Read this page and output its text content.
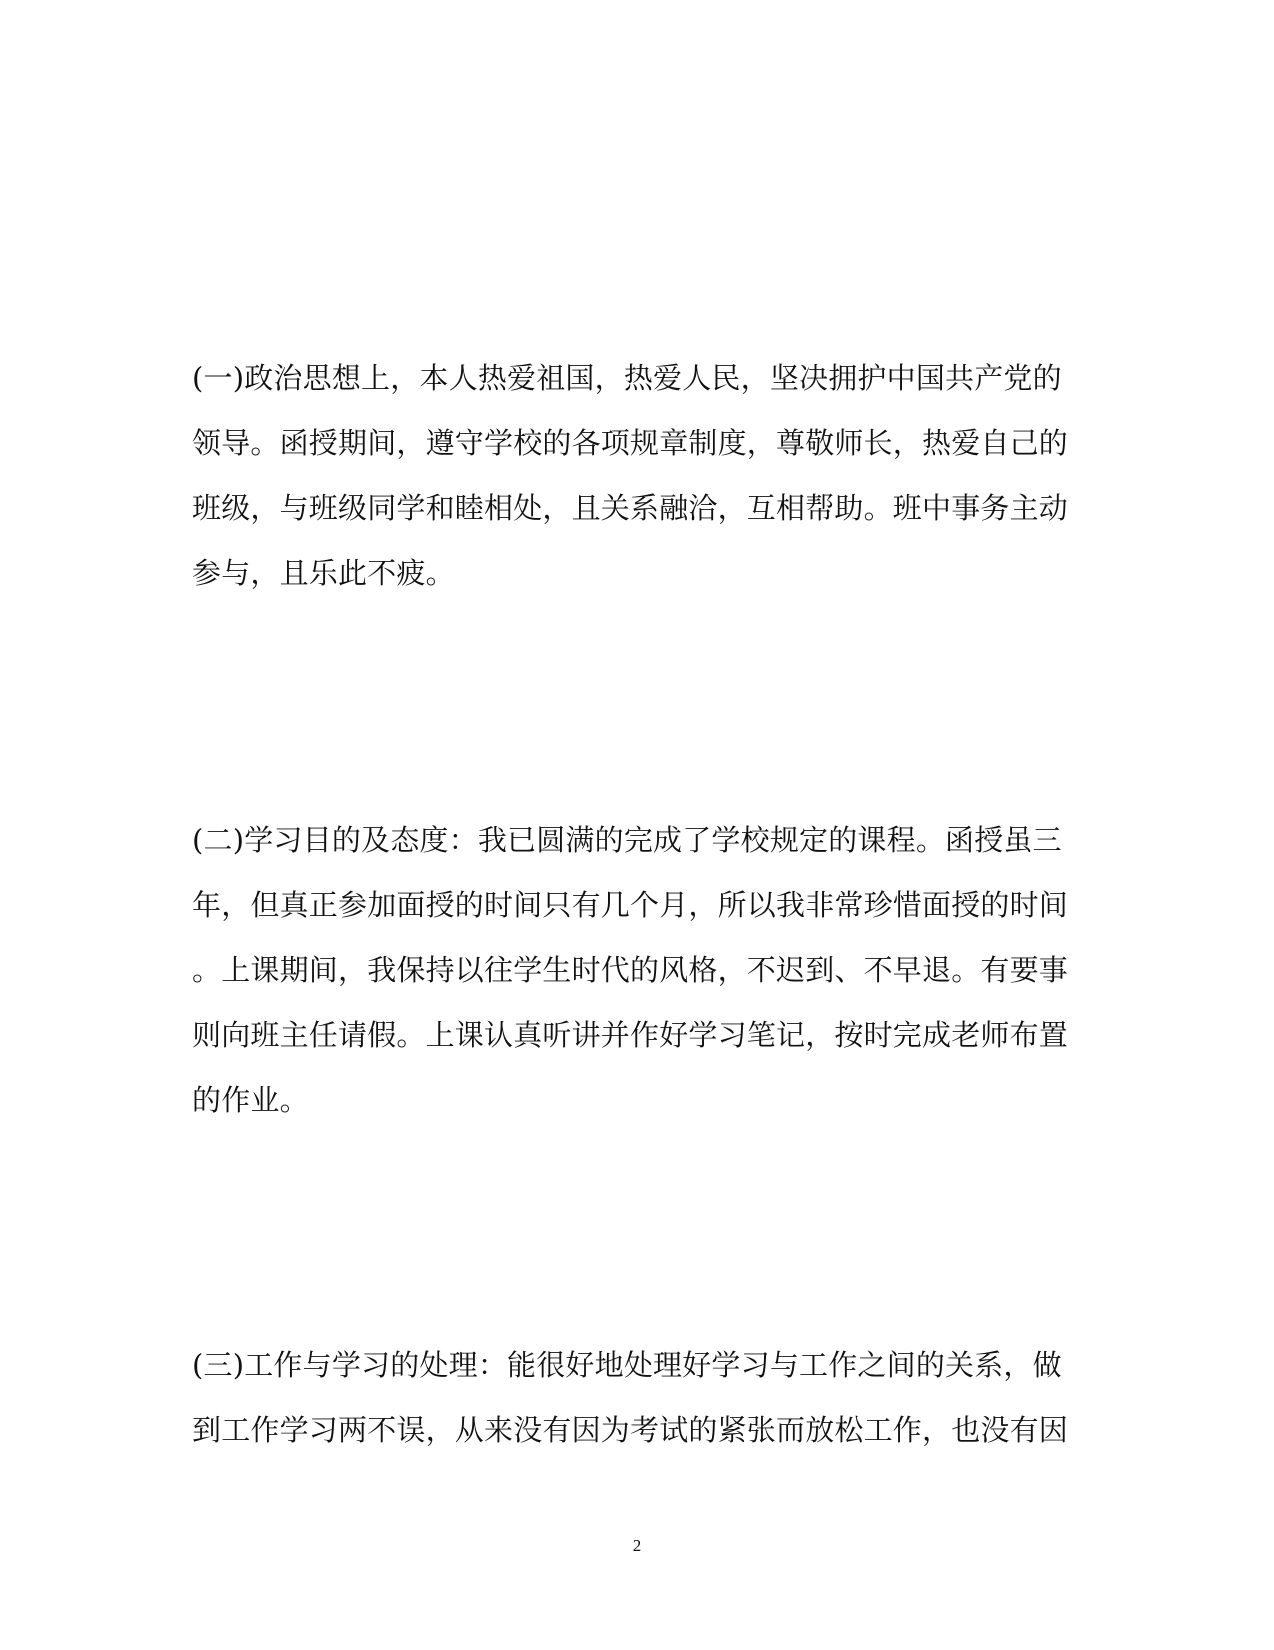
(一)政治思想上，本人热爱祖国，热爱人民，坚决拥护中国共产党的
领导。函授期间，遵守学校的各项规章制度，尊敬师长，热爱自己的
班级，与班级同学和睦相处，且关系融洽，互相帮助。班中事务主动
参与，且乐此不疲。
(二)学习目的及态度：我已圆满的完成了学校规定的课程。函授虽三
年，但真正参加面授的时间只有几个月，所以我非常珍惜面授的时间
。上课期间，我保持以往学生时代的风格，不迟到、不早退。有要事
则向班主任请假。上课认真听讲并作好学习笔记，按时完成老师布置
的作业。
(三)工作与学习的处理：能很好地处理好学习与工作之间的关系，做
到工作学习两不误，从来没有因为考试的紧张而放松工作，也没有因
2
